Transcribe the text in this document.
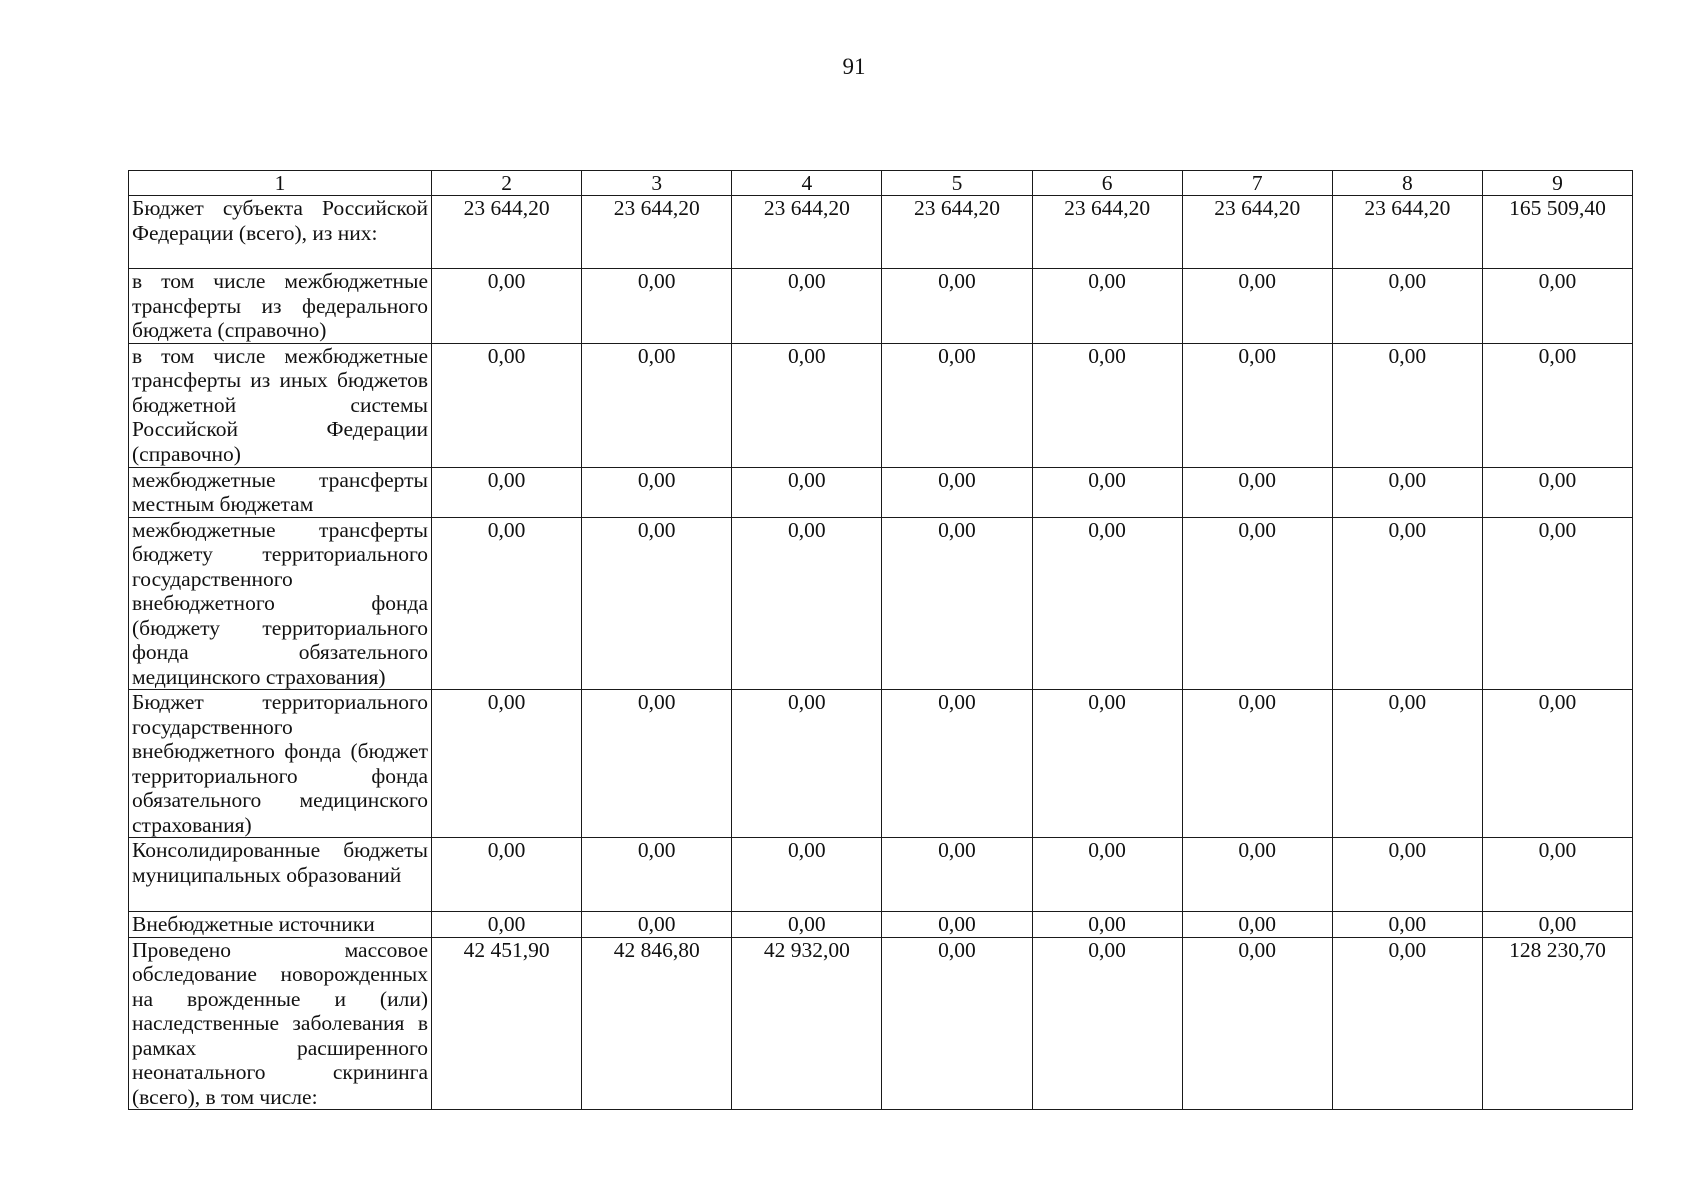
91
1	2	3	4	5	6	7	8	9
Бюджет субъекта Российской Федерации (всего), из них:	23 644,20	23 644,20	23 644,20	23 644,20	23 644,20	23 644,20	23 644,20	165 509,40
в том числе межбюджетные трансферты из федерального бюджета (справочно)	0,00	0,00	0,00	0,00	0,00	0,00	0,00	0,00
в том числе межбюджетные трансферты из иных бюджетов бюджетной системы Российской Федерации (справочно)	0,00	0,00	0,00	0,00	0,00	0,00	0,00	0,00
межбюджетные трансферты местным бюджетам	0,00	0,00	0,00	0,00	0,00	0,00	0,00	0,00
межбюджетные трансферты бюджету территориального государственного внебюджетного фонда (бюджету территориального фонда обязательного медицинского страхования)	0,00	0,00	0,00	0,00	0,00	0,00	0,00	0,00
Бюджет территориального государственного внебюджетного фонда (бюджет территориального фонда обязательного медицинского страхования)	0,00	0,00	0,00	0,00	0,00	0,00	0,00	0,00
Консолидированные бюджеты муниципальных образований	0,00	0,00	0,00	0,00	0,00	0,00	0,00	0,00
Внебюджетные источники	0,00	0,00	0,00	0,00	0,00	0,00	0,00	0,00
Проведено массовое обследование новорожденных на врожденные и (или) наследственные заболевания в рамках расширенного неонатального скрининга (всего), в том числе:	42 451,90	42 846,80	42 932,00	0,00	0,00	0,00	0,00	128 230,70
